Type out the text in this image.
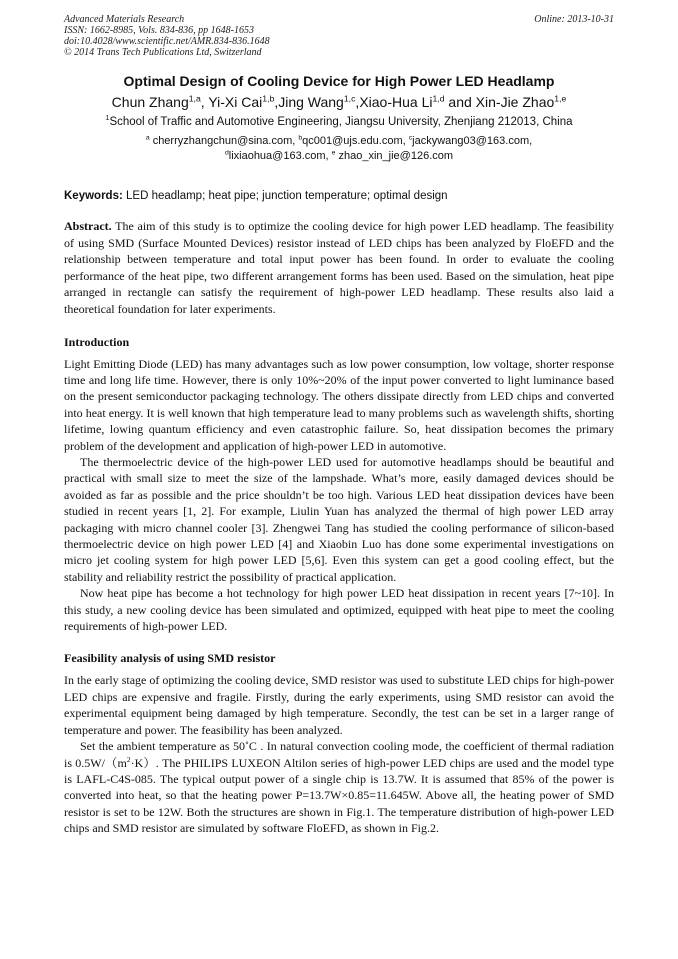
Advanced Materials Research
ISSN: 1662-8985, Vols. 834-836, pp 1648-1653
doi:10.4028/www.scientific.net/AMR.834-836.1648
© 2014 Trans Tech Publications Ltd, Switzerland
Online: 2013-10-31
Optimal Design of Cooling Device for High Power LED Headlamp
Chun Zhang$^{1,a}$, Yi-Xi Cai$^{1,b}$,Jing Wang$^{1,c}$,Xiao-Hua Li$^{1,d}$ and Xin-Jie Zhao$^{1,e}$
$^1$School of Traffic and Automotive Engineering, Jiangsu University, Zhenjiang 212013, China
$^a$ cherryzhangchun@sina.com, $^b$qc001@ujs.edu.com, $^c$jackywang03@163.com,
$^d$lixiaohua@163.com, $^e$ zhao_xin_jie@126.com
Keywords: LED headlamp; heat pipe; junction temperature; optimal design
Abstract. The aim of this study is to optimize the cooling device for high power LED headlamp. The feasibility of using SMD (Surface Mounted Devices) resistor instead of LED chips has been analyzed by FloEFD and the relationship between temperature and total input power has been found. In order to evaluate the cooling performance of the heat pipe, two different arrangement forms has been used. Based on the simulation, heat pipe arranged in rectangle can satisfy the requirement of high-power LED headlamp. These results also laid a theoretical foundation for later experiments.
Introduction

Light Emitting Diode (LED) has many advantages such as low power consumption, low voltage, shorter response time and long life time. However, there is only 10%~20% of the input power converted to light luminance based on the present semiconductor packaging technology. The others dissipate directly from LED chips and converted into heat energy. It is well known that high temperature lead to many problems such as wavelength shifts, shorting lifetime, lowing quantum efficiency and even catastrophic failure. So, heat dissipation becomes the primary problem of the development and application of high-power LED in automotive.

The thermoelectric device of the high-power LED used for automotive headlamps should be beautiful and practical with small size to meet the size of the lampshade. What’s more, easily damaged devices should be avoided as far as possible and the price shouldn’t be too high. Various LED heat dissipation devices have been studied in recent years [1, 2]. For example, Liulin Yuan has analyzed the thermal of high power LED array packaging with micro channel cooler [3]. Zhengwei Tang has studied the cooling performance of silicon-based thermoelectric device on high power LED [4] and Xiaobin Luo has done some experimental investigations on micro jet cooling system for high power LED [5,6]. Even this system can get a good cooling effect, but the stability and reliability restrict the possibility of practical application.

Now heat pipe has become a hot technology for high power LED heat dissipation in recent years [7~10]. In this study, a new cooling device has been simulated and optimized, equipped with heat pipe to meet the cooling requirements of high-power LED.

Feasibility analysis of using SMD resistor

In the early stage of optimizing the cooling device, SMD resistor was used to substitute LED chips for high-power LED chips are expensive and fragile. Firstly, during the early experiments, using SMD resistor can avoid the experimental equipment being damaged by high temperature. Secondly, the test can be set in a larger range of temperature and power. The feasibility has been analyzed.

Set the ambient temperature as 50˚C . In natural convection cooling mode, the coefficient of thermal radiation is $0.5W/(m^2\cdot K)$. The PHILIPS LUXEON Altilon series of high-power LED chips are used and the model type is LAFL-C4S-085. The typical output power of a single chip is 13.7W. It is assumed that 85% of the power is converted into heat, so that the heating power P=13.7W×0.85=11.645W. Above all, the heating power of SMD resistor is set to be 12W. Both the structures are shown in Fig.1. The temperature distribution of high-power LED chips and SMD resistor are simulated by software FloEFD, as shown in Fig.2.
